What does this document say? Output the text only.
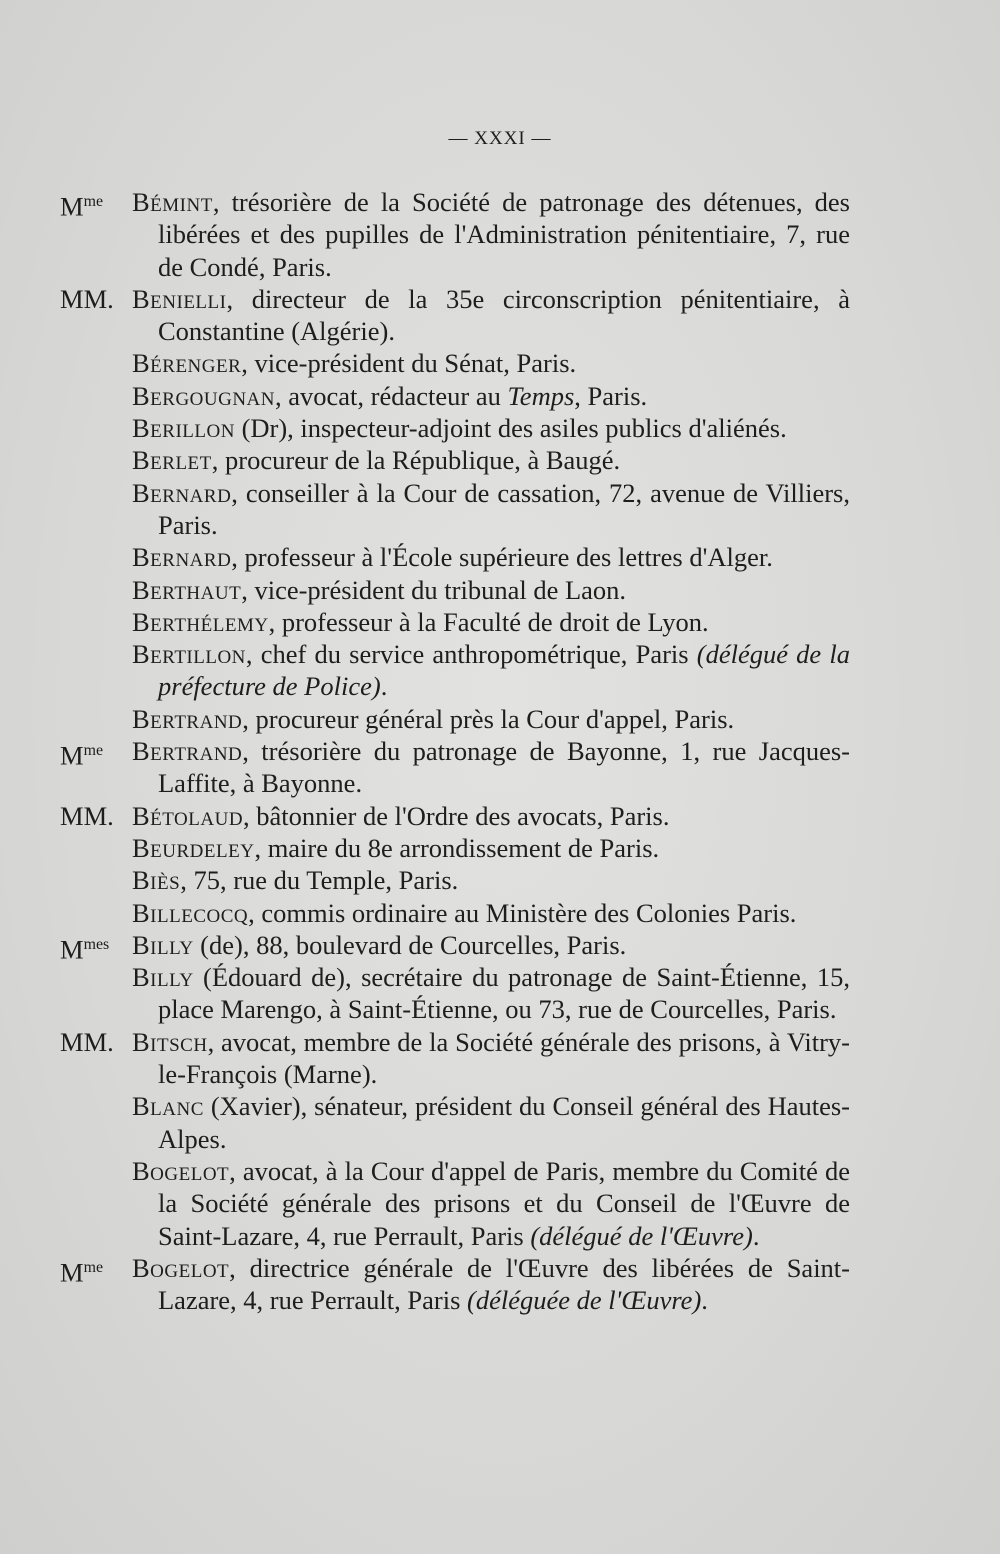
— XXXI —
$M^{me}$ Bémint, trésorière de la Société de patronage des détenues, des libérées et des pupilles de l'Administration pénitentiaire, 7, rue de Condé, Paris.
MM. Benielli, directeur de la 35e circonscription pénitentiaire, à Constantine (Algérie).
Bérenger, vice-président du Sénat, Paris.
Bergougnan, avocat, rédacteur au Temps, Paris.
Berillon (Dr), inspecteur-adjoint des asiles publics d'aliénés.
Berlet, procureur de la République, à Baugé.
Bernard, conseiller à la Cour de cassation, 72, avenue de Villiers, Paris.
Bernard, professeur à l'École supérieure des lettres d'Alger.
Berthaut, vice-président du tribunal de Laon.
Berthélemy, professeur à la Faculté de droit de Lyon.
Bertillon, chef du service anthropométrique, Paris (délégué de la préfecture de Police).
Bertrand, procureur général près la Cour d'appel, Paris.
$M^{me}$ Bertrand, trésorière du patronage de Bayonne, 1, rue Jacques-Laffite, à Bayonne.
MM. Bétolaud, bâtonnier de l'Ordre des avocats, Paris.
Beurdeley, maire du 8e arrondissement de Paris.
Biès, 75, rue du Temple, Paris.
Billecocq, commis ordinaire au Ministère des Colonies Paris.
$M^{mes}$ Billy (de), 88, boulevard de Courcelles, Paris.
Billy (Édouard de), secrétaire du patronage de Saint-Étienne, 15, place Marengo, à Saint-Étienne, ou 73, rue de Courcelles, Paris.
MM. Bitsch, avocat, membre de la Société générale des prisons, à Vitry-le-François (Marne).
Blanc (Xavier), sénateur, président du Conseil général des Hautes-Alpes.
Bogelot, avocat, à la Cour d'appel de Paris, membre du Comité de la Société générale des prisons et du Conseil de l'Œuvre de Saint-Lazare, 4, rue Perrault, Paris (délégué de l'Œuvre).
$M^{me}$ Bogelot, directrice générale de l'Œuvre des libérées de Saint-Lazare, 4, rue Perrault, Paris (déléguée de l'Œuvre).
